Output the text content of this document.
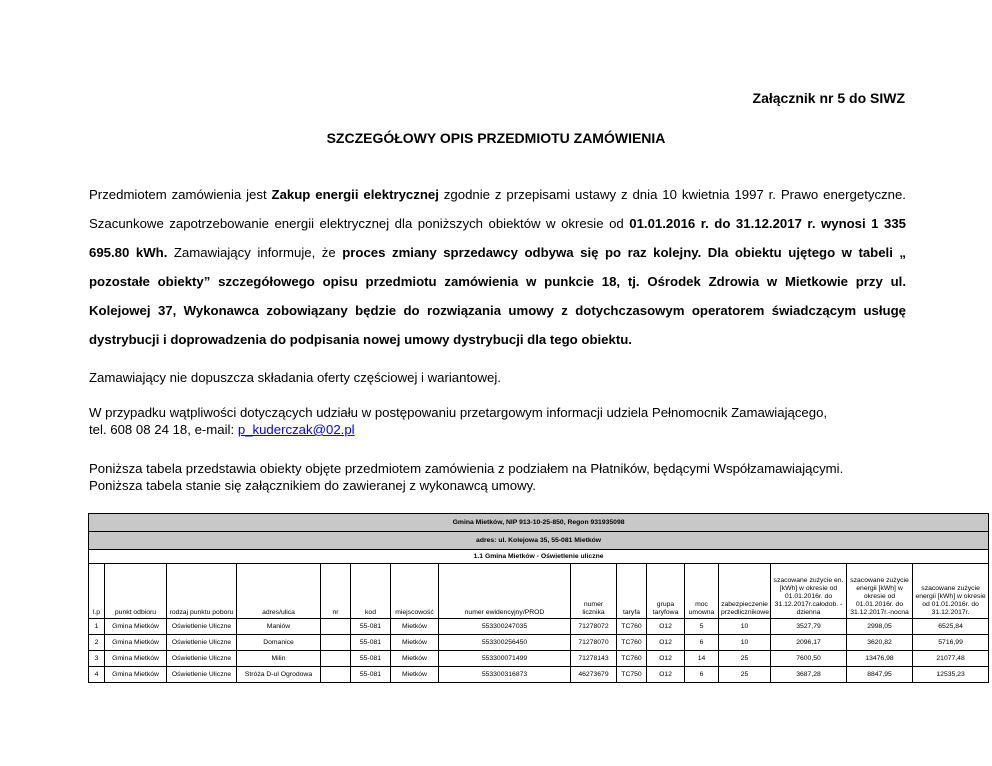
Załącznik nr 5 do SIWZ
SZCZEGÓŁOWY OPIS PRZEDMIOTU ZAMÓWIENIA
Przedmiotem zamówienia jest Zakup energii elektrycznej zgodnie z przepisami ustawy z dnia 10 kwietnia 1997 r. Prawo energetyczne. Szacunkowe zapotrzebowanie energii elektrycznej dla poniższych obiektów w okresie od 01.01.2016 r. do 31.12.2017 r. wynosi 1 335 695.80 kWh. Zamawiający informuje, że proces zmiany sprzedawcy odbywa się po raz kolejny. Dla obiektu ujętego w tabeli „ pozostałe obiekty” szczegółowego opisu przedmiotu zamówienia w punkcie 18, tj. Ośrodek Zdrowia w Mietkowie przy ul. Kolejowej 37, Wykonawca zobowiązany będzie do rozwiązania umowy z dotychczasowym operatorem świadczącym usługę dystrybucji i doprowadzenia do podpisania nowej umowy dystrybucji dla tego obiektu.
Zamawiający nie dopuszcza składania oferty częściowej i wariantowej.
W przypadku wątpliwości dotyczących udziału w postępowaniu przetargowym informacji udziela Pełnomocnik Zamawiającego,
tel. 608 08 24 18, e-mail: p_kuderczak@02.pl
Poniższa tabela przedstawia obiekty objęte przedmiotem zamówienia z podziałem na Płatników, będącymi Współzamawiającymi.
Poniższa tabela stanie się załącznikiem do zawieranej z wykonawcą umowy.
Gmina Mietków, NIP 913-10-25-850, Regon 931935098															
adres: ul. Kolejowa 35, 55-081 Mietków															
1.1 Gmina Mietków - Oświetlenie uliczne															
l.p	punkt odbioru	rodzaj punktu poboru	adres/ulica	nr	kod	miejscowość	numer ewidencyjny/PROD	numer licznika	taryfa	grupa taryfowa	moc umowna	zabezpieczenie przedlicznikowe	szacowane zużycie en.[kWh] w okresie od 01.01.2016r. do 31.12.2017r.całodob. -dzienna	szacowane zużycie energii [kWh] w okresie od 01.01.2016r. do 31.12.2017r.-nocna	szacowane zużycie energii [kWh] w okresie od 01.01.2016r. do 31.12.2017r.
1	Gmina Mietków	Oświetlenie Uliczne	Maniów		55-081	Mietków	553300247035	71278072	TC760	O12	5	10	3527,79	2998,05	6525,84
2	Gmina Mietków	Oświetlenie Uliczne	Domanice		55-081	Mietków	553300256450	71278070	TC760	O12	6	10	2096,17	3620,82	5716,99
3	Gmina Mietków	Oświetlenie Uliczne	Milin		55-081	Mietków	553300071499	71278143	TC760	O12	14	25	7600,50	13476,98	21077,48
4	Gmina Mietków	Oświetlenie Uliczne	Stróża D-ul Ogrodowa		55-081	Mietków	553300316873	46273679	TC750	O12	6	25	3687,28	8847,95	12535,23
